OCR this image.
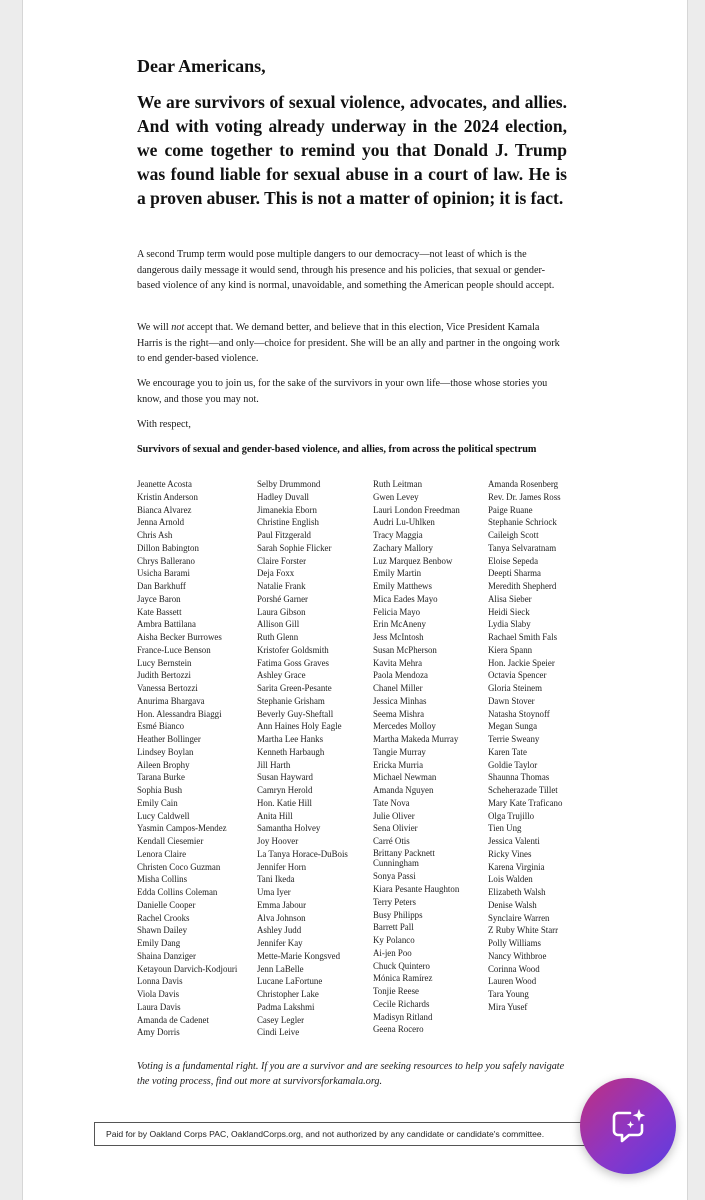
Dear Americans,

We are survivors of sexual violence, advocates, and allies. And with voting already underway in the 2024 election, we come together to remind you that Donald J. Trump was found liable for sexual abuse in a court of law. He is a proven abuser. This is not a matter of opinion; it is fact.

A second Trump term would pose multiple dangers to our democracy—not least of which is the dangerous daily message it would send, through his presence and his policies, that sexual or gender-based violence of any kind is normal, unavoidable, and something the American people should accept.

We will not accept that. We demand better, and believe that in this election, Vice President Kamala Harris is the right—and only—choice for president. She will be an ally and partner in the ongoing work to end gender-based violence.

We encourage you to join us, for the sake of the survivors in your own life—those whose stories you know, and those you may not.

With respect,

Survivors of sexual and gender-based violence, and allies, from across the political spectrum

Jeanette Acosta
Kristin Anderson
Bianca Alvarez
Jenna Arnold
Chris Ash
Dillon Babington
Chrys Ballerano
Usicha Barami
Dan Barkhuff
Jayce Baron
Kate Bassett
Ambra Battilana
Aisha Becker Burrowes
France-Luce Benson
Lucy Bernstein
Judith Bertozzi
Vanessa Bertozzi
Anurima Bhargava
Hon. Alessandra Biaggi
Esmé Bianco
Heather Bollinger
Lindsey Boylan
Aileen Brophy
Tarana Burke
Sophia Bush
Emily Cain
Lucy Caldwell
Yasmin Campos-Mendez
Kendall Ciesemier
Lenora Claire
Christen Coco Guzman
Misha Collins
Edda Collins Coleman
Danielle Cooper
Rachel Crooks
Shawn Dailey
Emily Dang
Shaina Danziger
Ketayoun Darvich-Kodjouri
Lonna Davis
Viola Davis
Laura Davis
Amanda de Cadenet
Amy Dorris
Selby Drummond
Hadley Duvall
Jimanekia Eborn
Christine English
Paul Fitzgerald
Sarah Sophie Flicker
Claire Forster
Deja Foxx
Natalie Frank
Porshé Garner
Laura Gibson
Allison Gill
Ruth Glenn
Kristofer Goldsmith
Fatima Goss Graves
Ashley Grace
Sarita Green-Pesante
Stephanie Grisham
Beverly Guy-Sheftall
Ann Haines Holy Eagle
Martha Lee Hanks
Kenneth Harbaugh
Jill Harth
Susan Hayward
Camryn Herold
Hon. Katie Hill
Anita Hill
Samantha Holvey
Joy Hoover
La Tanya Horace-DuBois
Jennifer Horn
Tani Ikeda
Uma Iyer
Emma Jabour
Alva Johnson
Ashley Judd
Jennifer Kay
Mette-Marie Kongsved
Jenn LaBelle
Lucane LaFortune
Christopher Lake
Padma Lakshmi
Casey Legler
Cindi Leive
Ruth Leitman
Gwen Levey
Lauri London Freedman
Audri Lu-Uhlken
Tracy Maggia
Zachary Mallory
Luz Marquez Benbow
Emily Martin
Emily Matthews
Mica Eades Mayo
Felicia Mayo
Erin McAneny
Jess McIntosh
Susan McPherson
Kavita Mehra
Paola Mendoza
Chanel Miller
Jessica Minhas
Seema Mishra
Mercedes Molloy
Martha Makeda Murray
Tangie Murray
Ericka Murria
Michael Newman
Amanda Nguyen
Tate Nova
Julie Oliver
Sena Olivier
Carré Otis
Brittany Packnett Cunningham
Sonya Passi
Kiara Pesante Haughton
Terry Peters
Busy Philipps
Barrett Pall
Ky Polanco
Ai-jen Poo
Chuck Quintero
Mónica Ramírez
Tonjie Reese
Cecile Richards
Madisyn Ritland
Geena Rocero
Amanda Rosenberg
Rev. Dr. James Ross
Paige Ruane
Stephanie Schriock
Caileigh Scott
Tanya Selvaratnam
Eloise Sepeda
Deepti Sharma
Meredith Shepherd
Alisa Sieber
Heidi Sieck
Lydia Slaby
Rachael Smith Fals
Kiera Spann
Hon. Jackie Speier
Octavia Spencer
Gloria Steinem
Dawn Stover
Natasha Stoynoff
Megan Sunga
Terrie Sweany
Karen Tate
Goldie Taylor
Shaunna Thomas
Scheherazade Tillet
Mary Kate Traficano
Olga Trujillo
Tien Ung
Jessica Valenti
Ricky Vines
Karena Virginia
Lois Walden
Elizabeth Walsh
Denise Walsh
Synclaire Warren
Z Ruby White Starr
Polly Williams
Nancy Withbroe
Corinna Wood
Lauren Wood
Tara Young
Mira Yusef

Voting is a fundamental right. If you are a survivor and are seeking resources to help you safely navigate the voting process, find out more at survivorsforkamala.org.

Paid for by Oakland Corps PAC, OaklandCorps.org, and not authorized by any candidate or candidate's committee.
